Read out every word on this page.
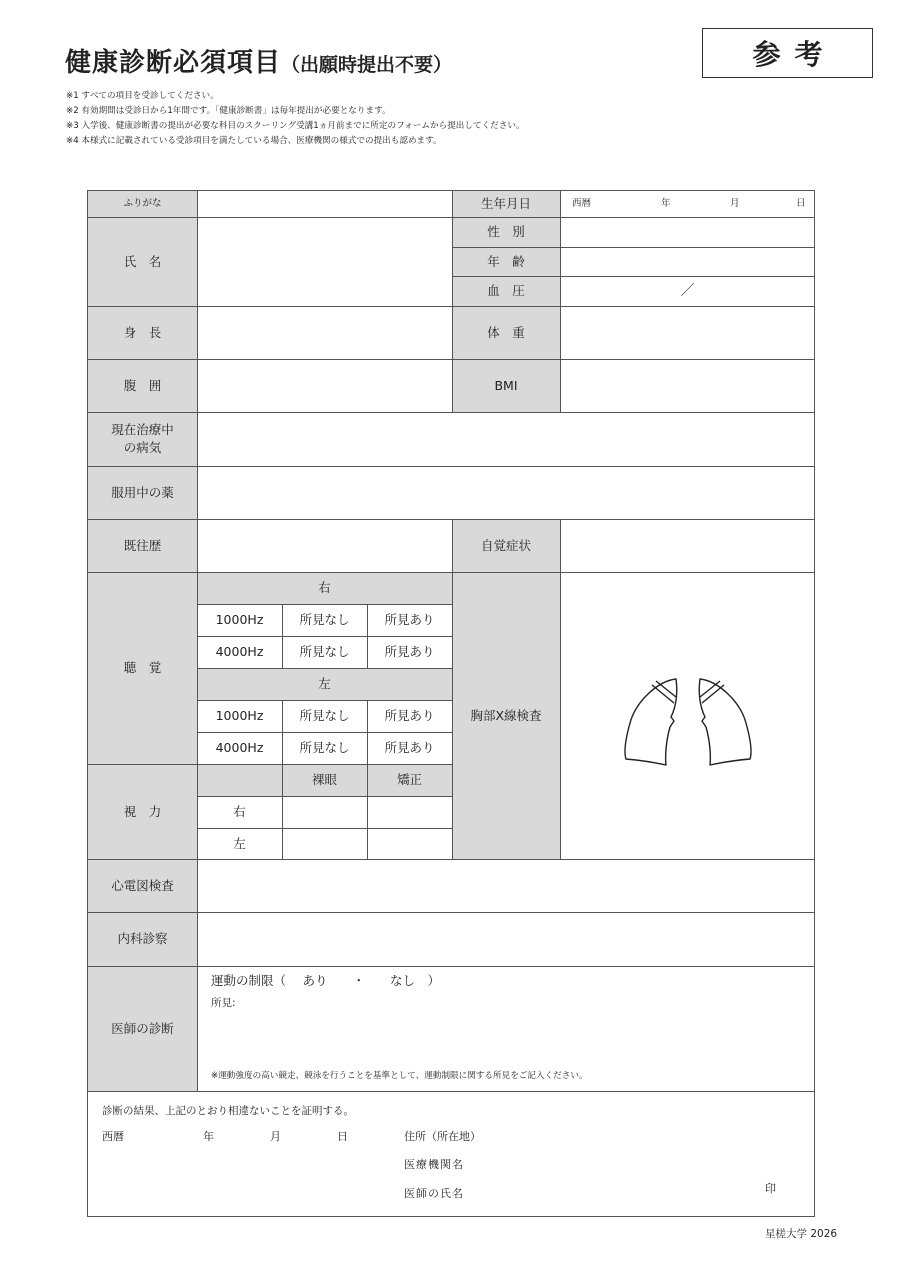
健康診断必須項目（出願時提出不要）	参考
※1 すべての項目を受診してください。
※2 有効期間は受診日から1年間です。「健康診断書」は毎年提出が必要となります。
※3 入学後、健康診断書の提出が必要な科目のスクーリング受講1ヵ月前までに所定のフォームから提出してください。
※4 本様式に記載されている受診項目を満たしている場合、医療機関の様式での提出も認めます。
ふりがな	生年月日	西暦	年	月	日
氏　名
性　別
年　齢
血　圧	／
身　長	体　重
腹　囲	BMI
現在治療中の病気
服用中の薬
既往歴	自覚症状
聴　覚
右
1000Hz	所見なし	所見あり
4000Hz	所見なし	所見あり
左
1000Hz	所見なし	所見あり
4000Hz	所見なし	所見あり
胸部X線検査
視　力
裸眼	矯正
右
左
心電図検査
内科診察
医師の診断
運動の制限（　 あり　　・　　なし　）
所見:
※運動強度の高い競走、競泳を行うことを基準として、運動制限に関する所見をご記入ください。
診断の結果、上記のとおり相違ないことを証明する。
西暦	年	月	日	住所（所在地）
医療機関名
医師の氏名	印
星槎大学 2026
